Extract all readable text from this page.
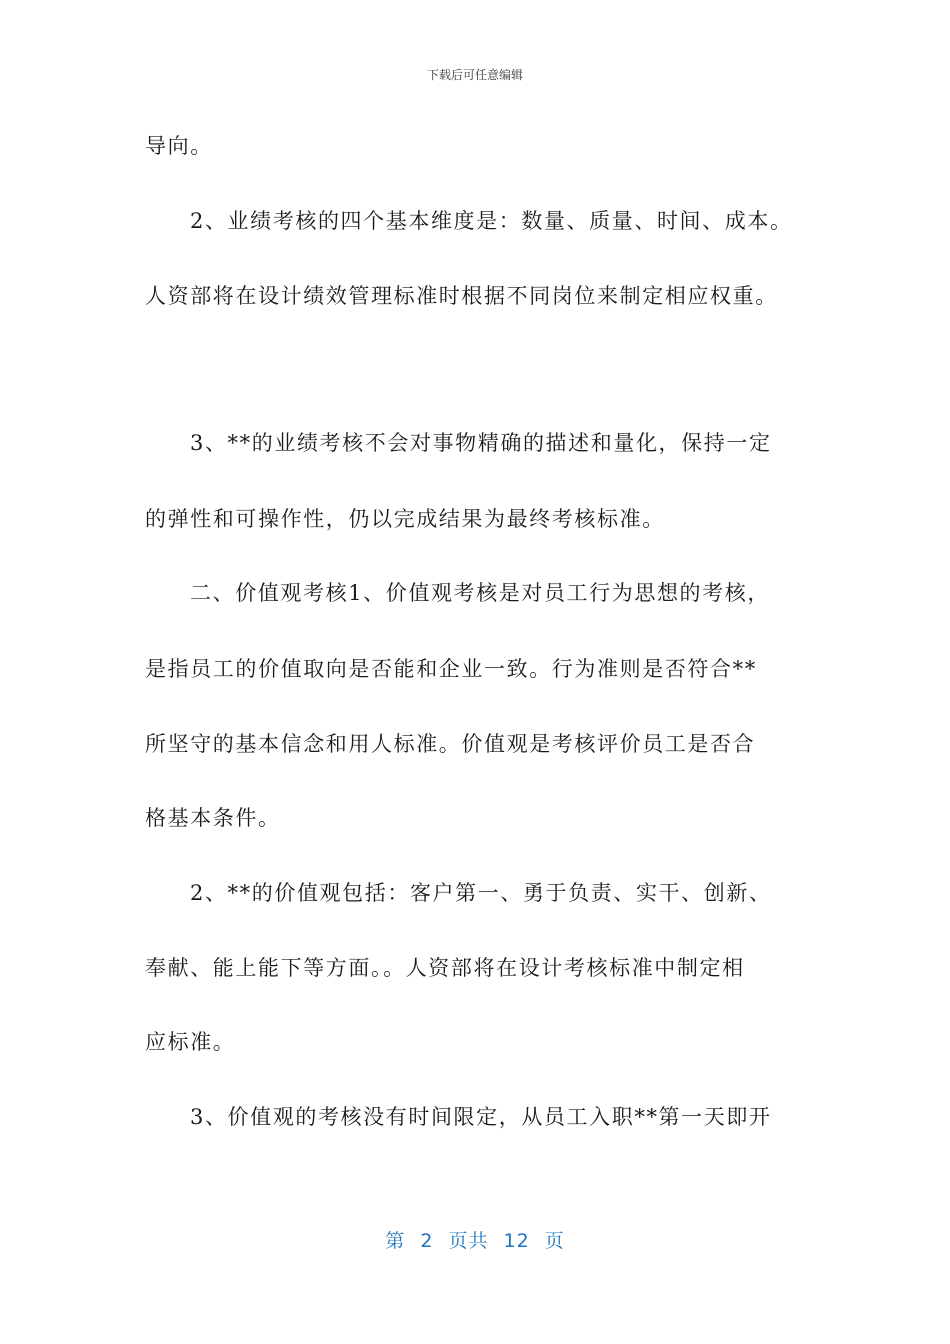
下载后可任意编辑
导向。
2、业绩考核的四个基本维度是：数量、质量、时间、成本。
人资部将在设计绩效管理标准时根据不同岗位来制定相应权重。
3、**的业绩考核不会对事物精确的描述和量化，保持一定
的弹性和可操作性，仍以完成结果为最终考核标准。
二、价值观考核1、价值观考核是对员工行为思想的考核，
是指员工的价值取向是否能和企业一致。行为准则是否符合**
所坚守的基本信念和用人标准。价值观是考核评价员工是否合
格基本条件。
2、**的价值观包括：客户第一、勇于负责、实干、创新、
奉献、能上能下等方面。。人资部将在设计考核标准中制定相
应标准。
3、价值观的考核没有时间限定，从员工入职**第一天即开
第 2 页共 12 页
